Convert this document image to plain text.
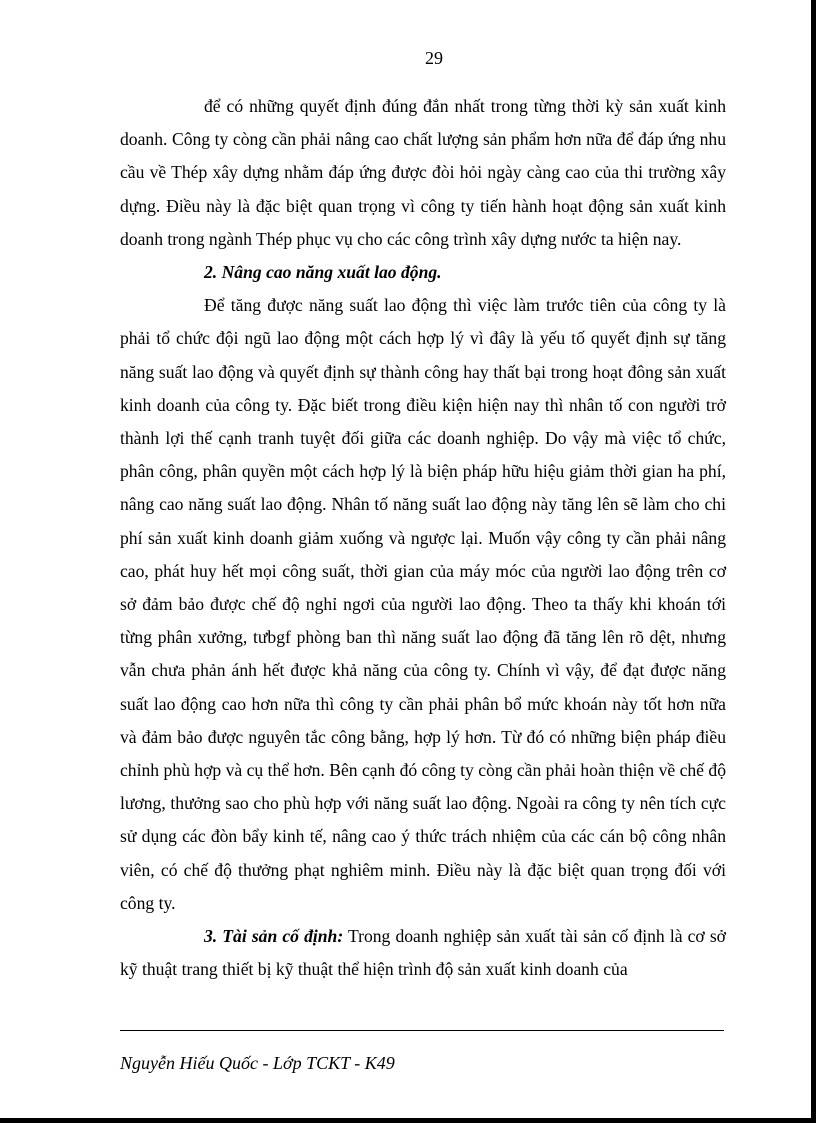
29

để có những quyết định đúng đắn nhất trong từng thời kỳ sản xuất kinh doanh. Công ty còng cần phải nâng cao chất lượng sản phẩm hơn nữa để đáp ứng nhu cầu về Thép xây dựng nhằm đáp ứng được đòi hỏi ngày càng cao của thi trường xây dựng. Điều này là đặc biệt quan trọng vì công ty tiến hành hoạt động sản xuất kinh doanh trong ngành Thép phục vụ cho các công trình xây dựng nước ta hiện nay.

2. Nâng cao năng xuất lao động.

Để tăng được năng suất lao động thì việc làm trước tiên của công ty là phải tổ chức đội ngũ lao động một cách hợp lý vì đây là yếu tố quyết định sự tăng năng suất lao động và quyết định sự thành công hay thất bại trong hoạt đông sản xuất kinh doanh của công ty. Đặc biết trong điều kiện hiện nay thì nhân tố con người trở thành lợi thế cạnh tranh tuyệt đối giữa các doanh nghiệp. Do vậy mà việc tổ chức, phân công, phân quyền một cách hợp lý là biện pháp hữu hiệu giảm thời gian ha phí, nâng cao năng suất lao động. Nhân tố năng suất lao động này tăng lên sẽ làm cho chi phí sản xuất kinh doanh giảm xuống và ngược lại. Muốn vậy công ty cần phải nâng cao, phát huy hết mọi công suất, thời gian của máy móc của người lao động trên cơ sở đảm bảo được chế độ nghỉ ngơi của người lao động. Theo ta thấy khi khoán tới từng phân xưởng, tưbgf phòng ban thì năng suất lao động đã tăng lên rõ dệt, nhưng vẫn chưa phản ánh hết được khả năng của công ty. Chính vì vậy, để đạt được năng suất lao động cao hơn nữa thì công ty cần phải phân bổ mức khoán này tốt hơn nữa và đảm bảo được nguyên tắc công bằng, hợp lý hơn. Từ đó có những biện pháp điều chỉnh phù hợp và cụ thể hơn. Bên cạnh đó công ty còng cần phải hoàn thiện về chế độ lương, thưởng sao cho phù hợp với năng suất lao động. Ngoài ra công ty nên tích cực sử dụng các đòn bẩy kinh tế, nâng cao ý thức trách nhiệm của các cán bộ công nhân viên, có chế độ thưởng phạt nghiêm minh. Điều này là đặc biệt quan trọng đối với công ty.

3. Tài sản cố định: Trong doanh nghiệp sản xuất tài sản cố định là cơ sở kỹ thuật trang thiết bị kỹ thuật thể hiện trình độ sản xuất kinh doanh của

Nguyễn Hiếu Quốc - Lớp TCKT - K49
